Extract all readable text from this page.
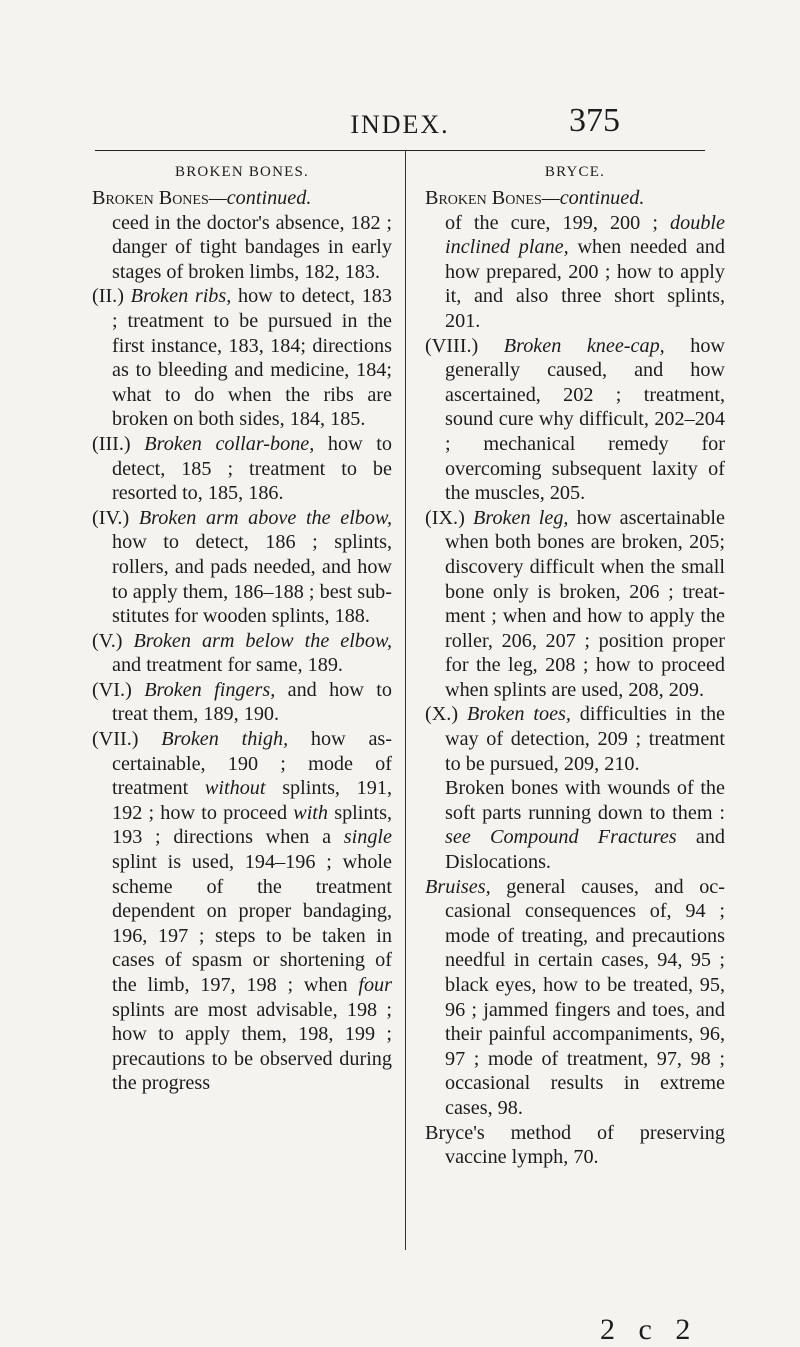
INDEX.	375
BROKEN BONES.

Broken Bones—continued.

ceed in the doctor's absence, 182 ; danger of tight bandages in early stages of broken limbs, 182, 183.

(II.) Broken ribs, how to detect, 183 ; treatment to be pursued in the first instance, 183, 184; directions as to bleeding and medicine, 184; what to do when the ribs are broken on both sides, 184, 185.

(III.) Broken collar-bone, how to detect, 185 ; treatment to be resorted to, 185, 186.

(IV.) Broken arm above the elbow, how to detect, 186 ; splints, rollers, and pads needed, and how to apply them, 186–188 ; best substitutes for wooden splints, 188.

(V.) Broken arm below the elbow, and treatment for same, 189.

(VI.) Broken fingers, and how to treat them, 189, 190.

(VII.) Broken thigh, how ascertainable, 190 ; mode of treatment without splints, 191, 192 ; how to proceed with splints, 193 ; directions when a single splint is used, 194–196 ; whole scheme of the treatment dependent on proper bandaging, 196, 197 ; steps to be taken in cases of spasm or shortening of the limb, 197, 198 ; when four splints are most advisable, 198 ; how to apply them, 198, 199 ; precautions to be observed during the progress

BRYCE.

Broken Bones—continued.

of the cure, 199, 200 ; double inclined plane, when needed and how prepared, 200 ; how to apply it, and also three short splints, 201.

(VIII.) Broken knee-cap, how generally caused, and how ascertained, 202 ; treatment, sound cure why difficult, 202–204 ; mechanical remedy for overcoming subsequent laxity of the muscles, 205.

(IX.) Broken leg, how ascertainable when both bones are broken, 205; discovery difficult when the small bone only is broken, 206 ; treatment ; when and how to apply the roller, 206, 207 ; position proper for the leg, 208 ; how to proceed when splints are used, 208, 209.

(X.) Broken toes, difficulties in the way of detection, 209 ; treatment to be pursued, 209, 210.

Broken bones with wounds of the soft parts running down to them : see Compound Fractures and Dislocations.

Bruises, general causes, and occasional consequences of, 94 ; mode of treating, and precautions needful in certain cases, 94, 95 ; black eyes, how to be treated, 95, 96 ; jammed fingers and toes, and their painful accompaniments, 96, 97 ; mode of treatment, 97, 98 ; occasional results in extreme cases, 98.

Bryce's method of preserving vaccine lymph, 70.

2 c 2
